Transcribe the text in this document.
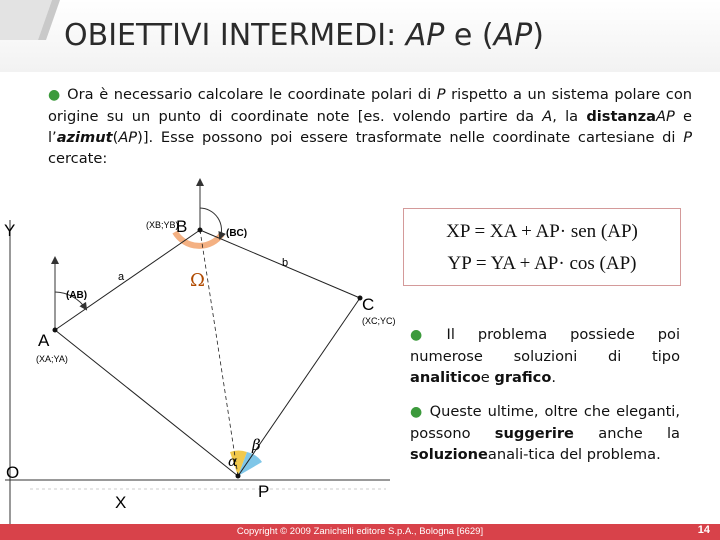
OBIETTIVI INTERMEDI: AP e (AP)
● Ora è necessario calcolare le coordinate polari di P rispetto a un sistema polare con origine su un punto di coordinate note [es. volendo partire da A, la distanzaAP e l’azimut(AP)]. Esse possono poi essere trasformate nelle coordinate cartesiane di P cercate:
Y
X
O
A
(XA;YA)
B
(XB;YB)
C
(XC;YC)
P
(AB)
(BC)
a
b
Ω
α
β
XP = XA + AP· sen (AP)
YP = YA + AP· cos (AP)
● Il problema possiede poi numerose soluzioni di tipo analiticoe grafico.
● Queste ultime, oltre che eleganti, possono suggerire anche la soluzioneanali-tica del problema.
Copyright © 2009 Zanichelli editore S.p.A., Bologna [6629]	14
